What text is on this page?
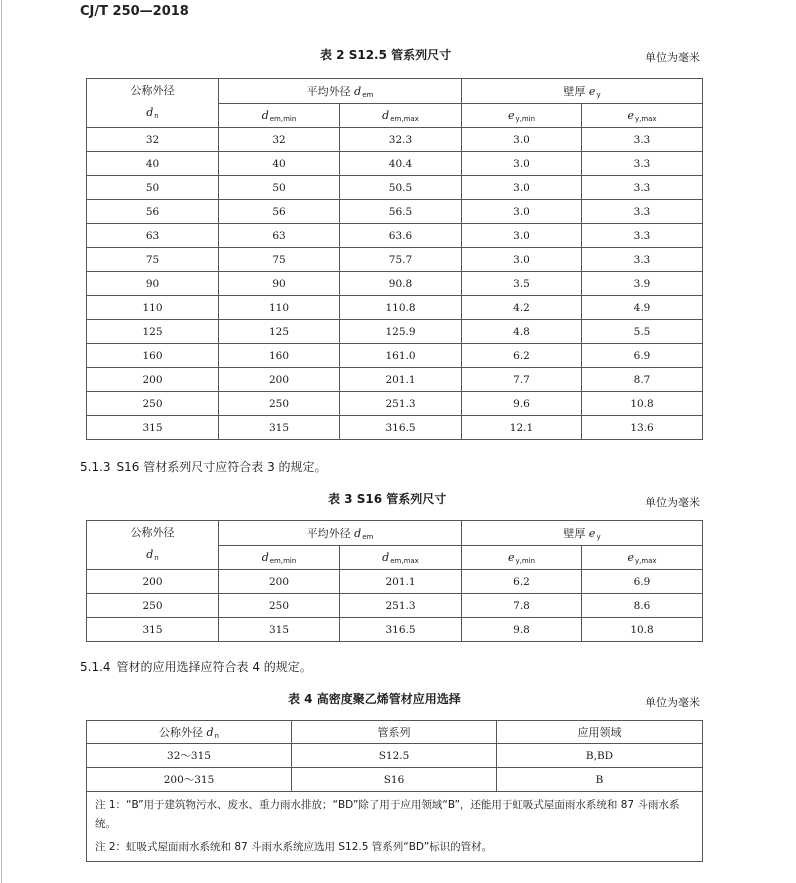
CJ/T 250—2018
表 2 S12.5 管系列尺寸	单位为毫米
公称外径
$d_n$	平均外径 $d_{em}$		壁厚 $e_y$
	$d_{em,min}$	$d_{em,max}$	$e_{y,min}$	$e_{y,max}$
32	32	32.3	3.0	3.3
40	40	40.4	3.0	3.3
50	50	50.5	3.0	3.3
56	56	56.5	3.0	3.3
63	63	63.6	3.0	3.3
75	75	75.7	3.0	3.3
90	90	90.8	3.5	3.9
110	110	110.8	4.2	4.9
125	125	125.9	4.8	5.5
160	160	161.0	6.2	6.9
200	200	201.1	7.7	8.7
250	250	251.3	9.6	10.8
315	315	316.5	12.1	13.6
5.1.3 S16 管材系列尺寸应符合表 3 的规定。
表 3 S16 管系列尺寸	单位为毫米
公称外径
$d_n$	平均外径 $d_{em}$		壁厚 $e_y$
	$d_{em,min}$	$d_{em,max}$	$e_{y,min}$	$e_{y,max}$
200	200	201.1	6.2	6.9
250	250	251.3	7.8	8.6
315	315	316.5	9.8	10.8
5.1.4 管材的应用选择应符合表 4 的规定。
表 4 高密度聚乙烯管材应用选择	单位为毫米
公称外径 $d_n$	管系列	应用领域
32～315	S12.5	B,BD
200～315	S16	B

注 1：“B”用于建筑物污水、废水、重力雨水排放；“BD”除了用于应用领域“B”，还能用于虹吸式屋面雨水系统和 87 斗雨水系统。
注 2：虹吸式屋面雨水系统和 87 斗雨水系统应选用 S12.5 管系列“BD”标识的管材。		
